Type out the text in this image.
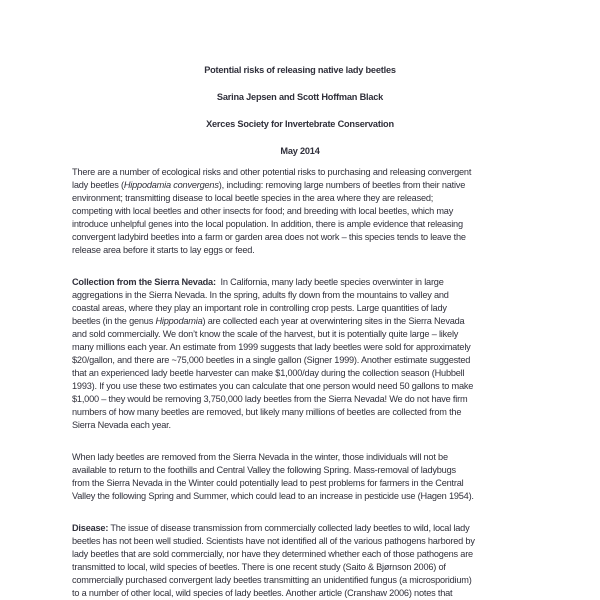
Potential risks of releasing native lady beetles
Sarina Jepsen and Scott Hoffman Black
Xerces Society for Invertebrate Conservation
May 2014
There are a number of ecological risks and other potential risks to purchasing and releasing convergent
lady beetles (Hippodamia convergens), including: removing large numbers of beetles from their native
environment; transmitting disease to local beetle species in the area where they are released;
competing with local beetles and other insects for food; and breeding with local beetles, which may
introduce unhelpful genes into the local population. In addition, there is ample evidence that releasing
convergent ladybird beetles into a farm or garden area does not work – this species tends to leave the
release area before it starts to lay eggs or feed.
Collection from the Sierra Nevada:  In California, many lady beetle species overwinter in large
aggregations in the Sierra Nevada. In the spring, adults fly down from the mountains to valley and
coastal areas, where they play an important role in controlling crop pests. Large quantities of lady
beetles (in the genus Hippodamia) are collected each year at overwintering sites in the Sierra Nevada
and sold commercially. We don’t know the scale of the harvest, but it is potentially quite large – likely
many millions each year. An estimate from 1999 suggests that lady beetles were sold for approximately
$20/gallon, and there are ~75,000 beetles in a single gallon (Signer 1999). Another estimate suggested
that an experienced lady beetle harvester can make $1,000/day during the collection season (Hubbell
1993). If you use these two estimates you can calculate that one person would need 50 gallons to make
$1,000 – they would be removing 3,750,000 lady beetles from the Sierra Nevada! We do not have firm
numbers of how many beetles are removed, but likely many millions of beetles are collected from the
Sierra Nevada each year.
When lady beetles are removed from the Sierra Nevada in the winter, those individuals will not be
available to return to the foothills and Central Valley the following Spring. Mass-removal of ladybugs
from the Sierra Nevada in the Winter could potentially lead to pest problems for farmers in the Central
Valley the following Spring and Summer, which could lead to an increase in pesticide use (Hagen 1954).
Disease: The issue of disease transmission from commercially collected lady beetles to wild, local lady
beetles has not been well studied. Scientists have not identified all of the various pathogens harbored by
lady beetles that are sold commercially, nor have they determined whether each of those pathogens are
transmitted to local, wild species of beetles. There is one recent study (Saito & Bjørnson 2006) of
commercially purchased convergent lady beetles transmitting an unidentified fungus (a microsporidium)
to a number of other local, wild species of lady beetles. Another article (Cranshaw 2006) notes that
